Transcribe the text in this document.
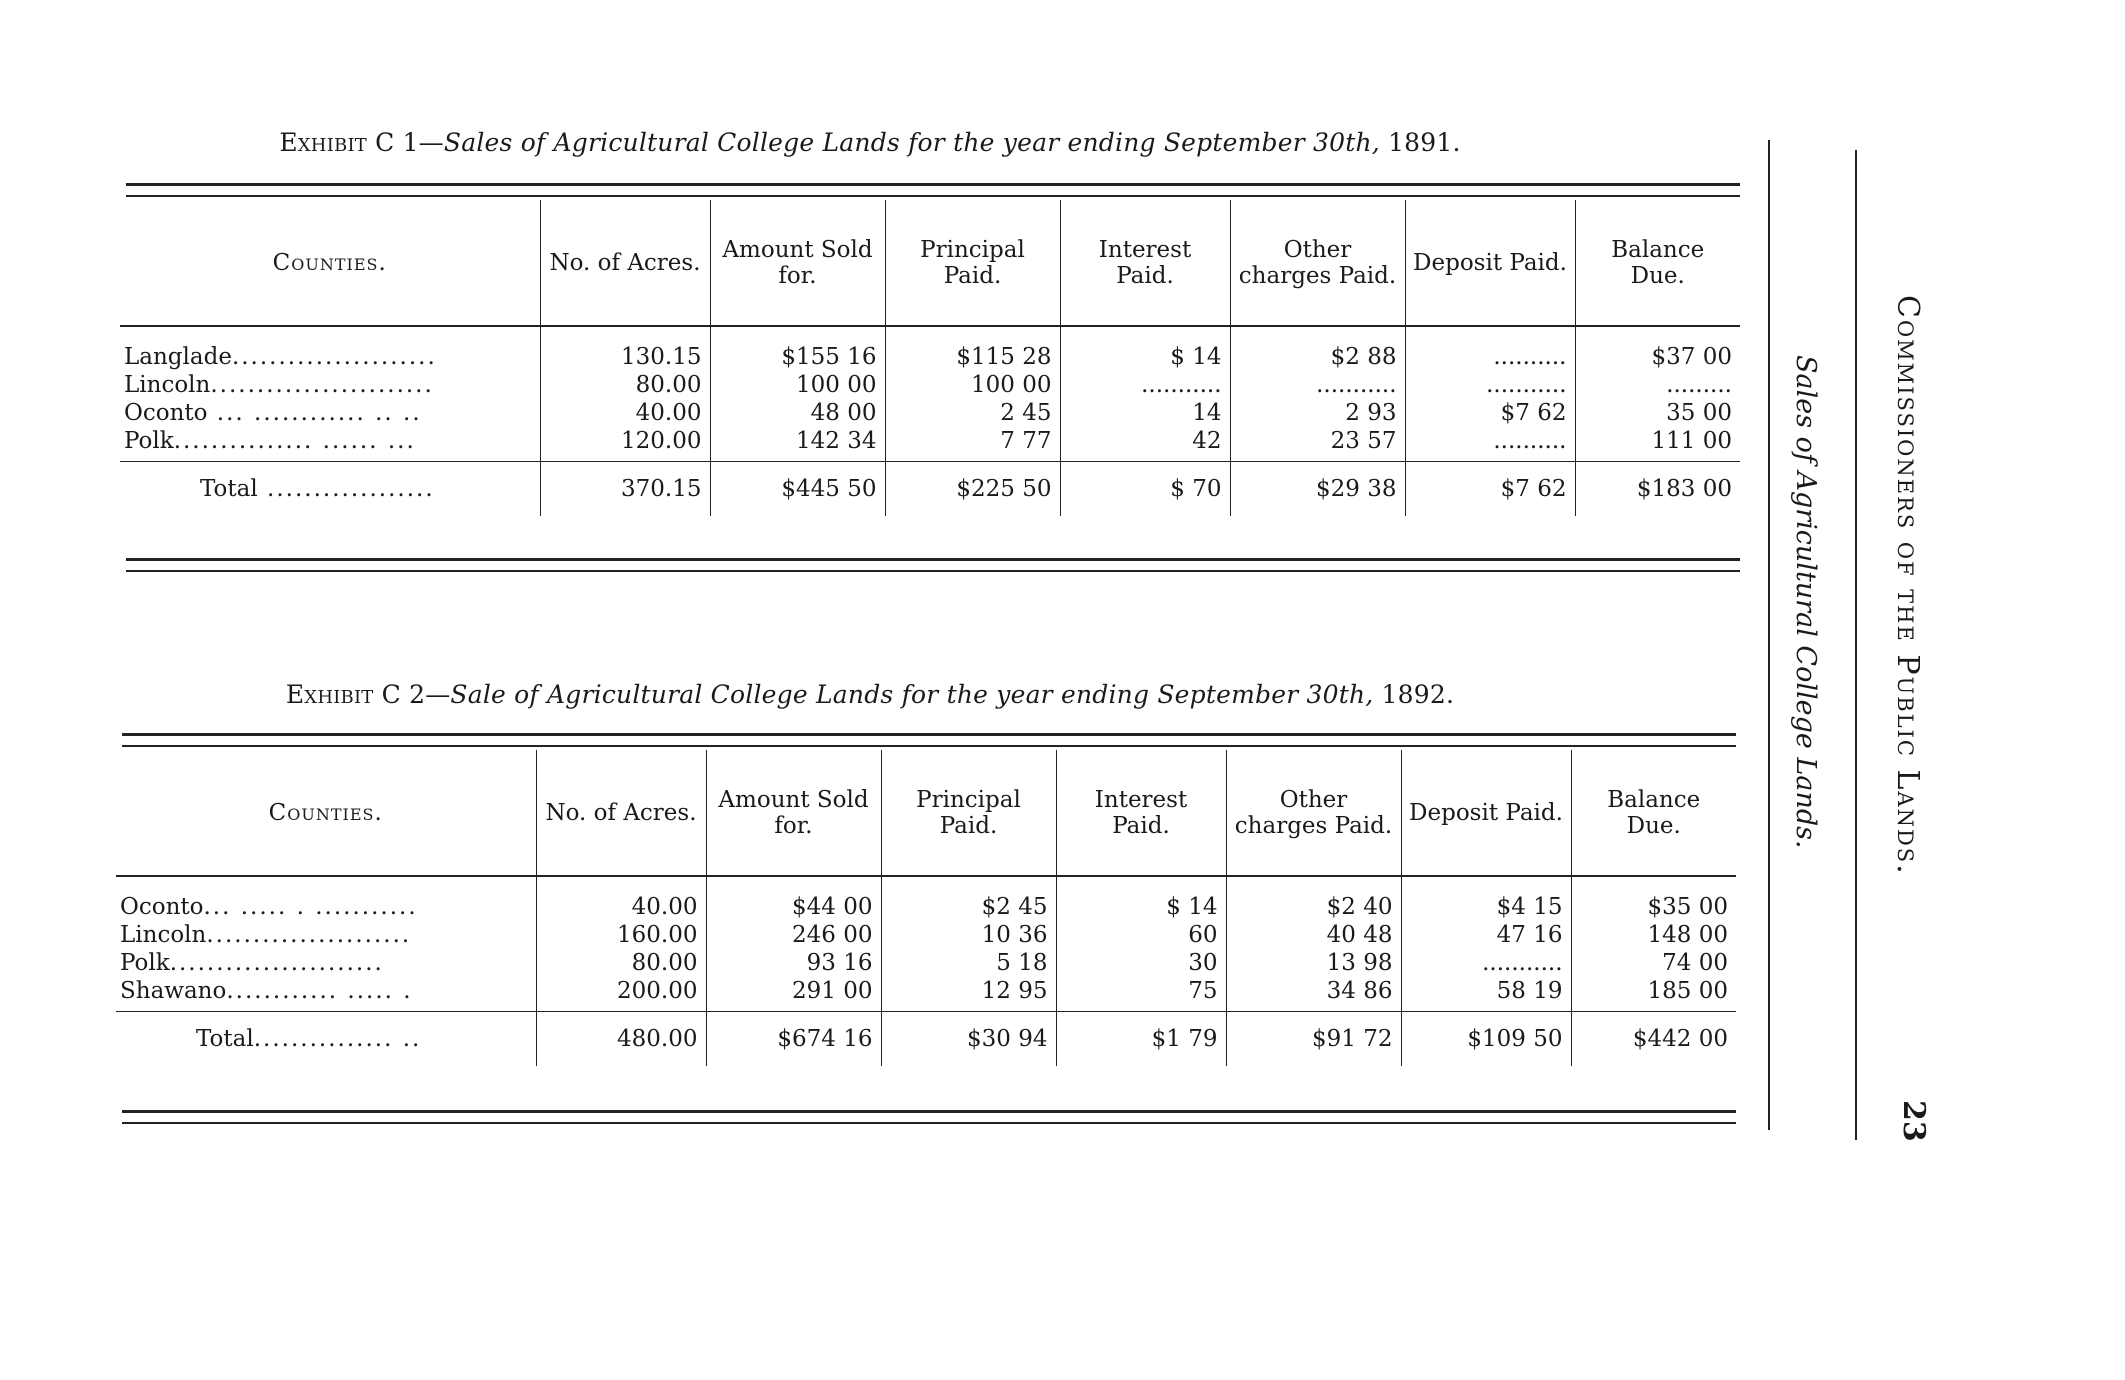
Exhibit C 1—Sales of Agricultural College Lands for the year ending September 30th, 1891.
Counties.	No. of Acres.	Amount Sold for.	Principal Paid.	Interest Paid.	Other charges Paid.	Deposit Paid.	Balance Due.

Langlade......................	130.15	$155 16	$115 28	$ 14	$2 88	..........	$37 00
Lincoln........................	80.00	100 00	100 00	...........	...........	...........	.........
Oconto ... ............ .. ..	40.00	48 00	2 45	14	2 93	$7 62	35 00
Polk............... ...... ...	120.00	142 34	7 77	42	23 57	..........	111 00
Total ..................	370.15	$445 50	$225 50	$ 70	$29 38	$7 62	$183 00
Exhibit C 2—Sale of Agricultural College Lands for the year ending September 30th, 1892.
Counties.	No. of Acres.	Amount Sold for.	Principal Paid.	Interest Paid.	Other charges Paid.	Deposit Paid.	Balance Due.

Oconto... ..... . ...........	40.00	$44 00	$2 45	$ 14	$2 40	$4 15	$35 00
Lincoln......................	160.00	246 00	10 36	60	40 48	47 16	148 00
Polk.......................	80.00	93 16	5 18	30	13 98	...........	74 00
Shawano............ ..... .	200.00	291 00	12 95	75	34 86	58 19	185 00
Total............... ..	480.00	$674 16	$30 94	$1 79	$91 72	$109 50	$442 00
Sales of Agricultural College Lands. Commissioners of the Public Lands.
23
